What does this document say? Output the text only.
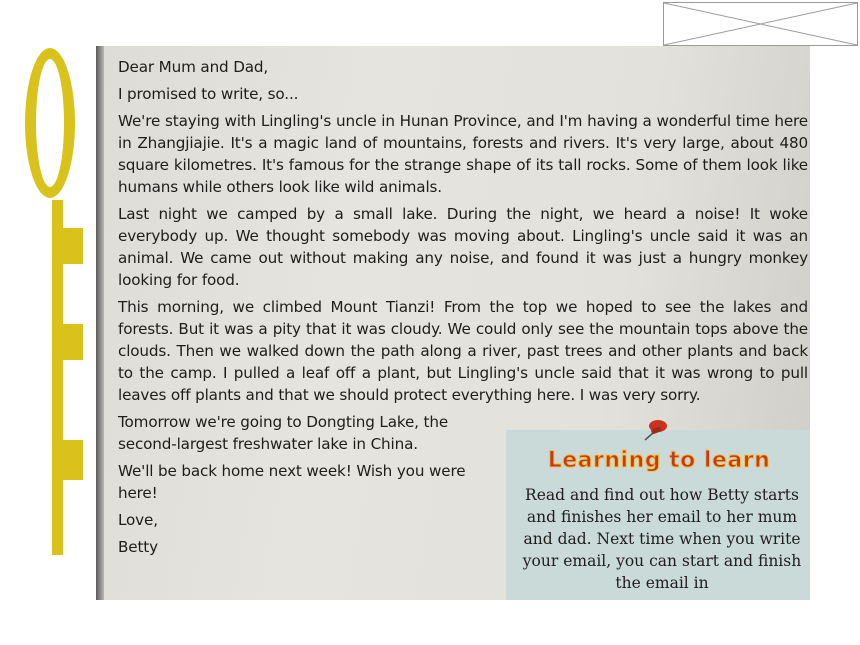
Dear Mum and Dad,

I promised to write, so...

We're staying with Lingling's uncle in Hunan Province, and I'm having a wonderful time here in Zhangjiajie. It's a magic land of mountains, forests and rivers. It's very large, about 480 square kilometres. It's famous for the strange shape of its tall rocks. Some of them look like humans while others look like wild animals.

Last night we camped by a small lake. During the night, we heard a noise! It woke everybody up. We thought somebody was moving about. Lingling's uncle said it was an animal. We came out without making any noise, and found it was just a hungry monkey looking for food.

This morning, we climbed Mount Tianzi! From the top we hoped to see the lakes and forests. But it was a pity that it was cloudy. We could only see the mountain tops above the clouds. Then we walked down the path along a river, past trees and other plants and back to the camp. I pulled a leaf off a plant, but Lingling's uncle said that it was wrong to pull leaves off plants and that we should protect everything here. I was very sorry.

Tomorrow we're going to Dongting Lake, the second-largest freshwater lake in China.

We'll be back home next week! Wish you were here!

Love,

Betty

Learning to learn
Read and find out how Betty starts and finishes her email to her mum and dad. Next time when you write your email, you can start and finish the email in
